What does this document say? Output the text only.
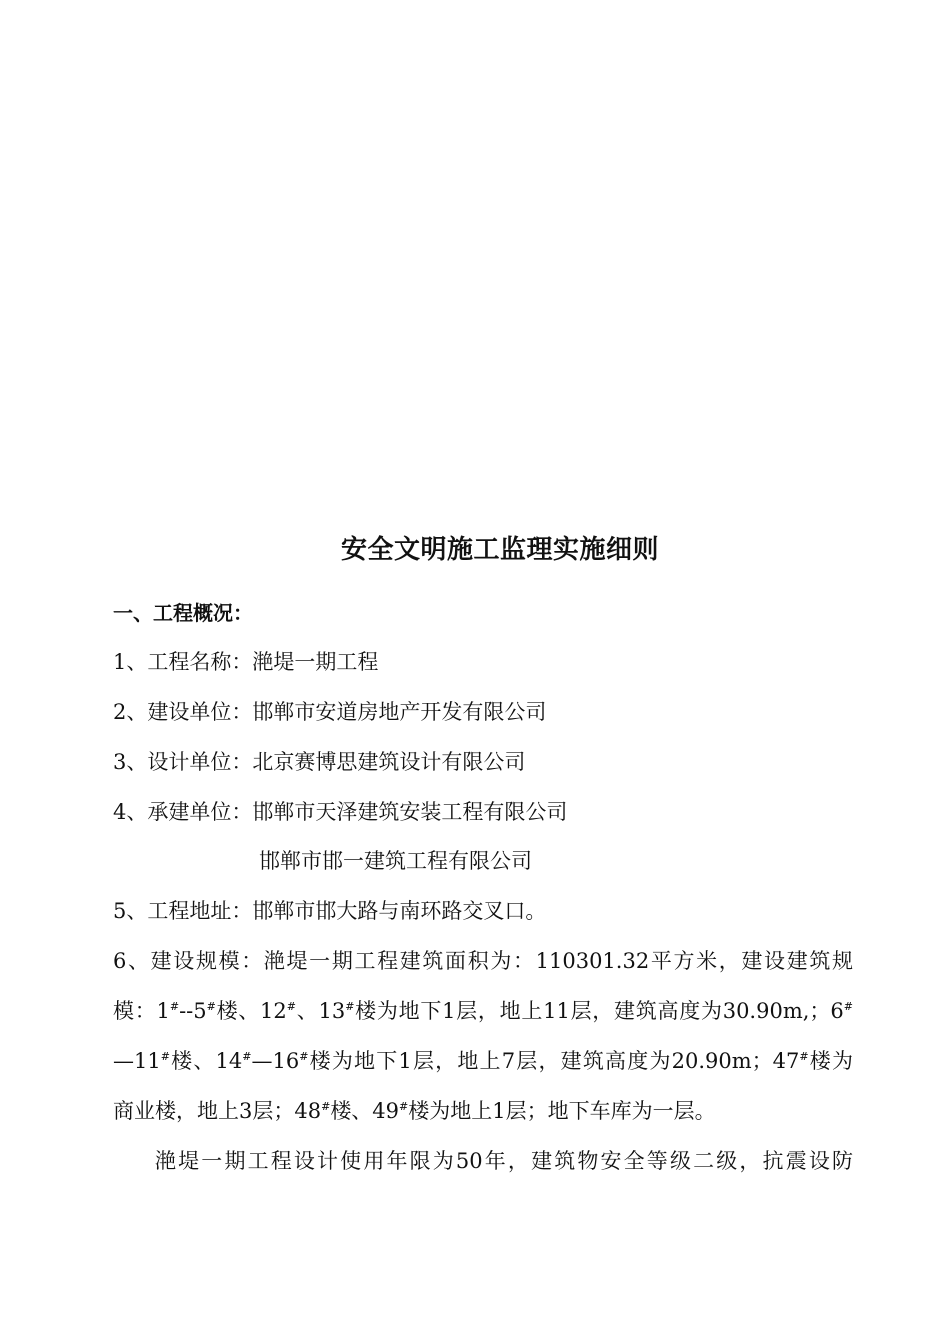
安全文明施工监理实施细则
一、工程概况：
1、工程名称：滟堤一期工程
2、建设单位：邯郸市安道房地产开发有限公司
3、设计单位：北京赛博思建筑设计有限公司
4、承建单位：邯郸市天泽建筑安装工程有限公司
邯郸市邯一建筑工程有限公司
5、工程地址：邯郸市邯大路与南环路交叉口。
6、建设规模：滟堤一期工程建筑面积为：110301.32平方米，建设建筑规
模：1#--5#楼、12#、13#楼为地下1层，地上11层，建筑高度为30.90m,；6#
—11#楼、14#—16#楼为地下1层，地上7层，建筑高度为20.90m；47#楼为
商业楼，地上3层；48#楼、49#楼为地上1层；地下车库为一层。
滟堤一期工程设计使用年限为50年，建筑物安全等级二级，抗震设防
